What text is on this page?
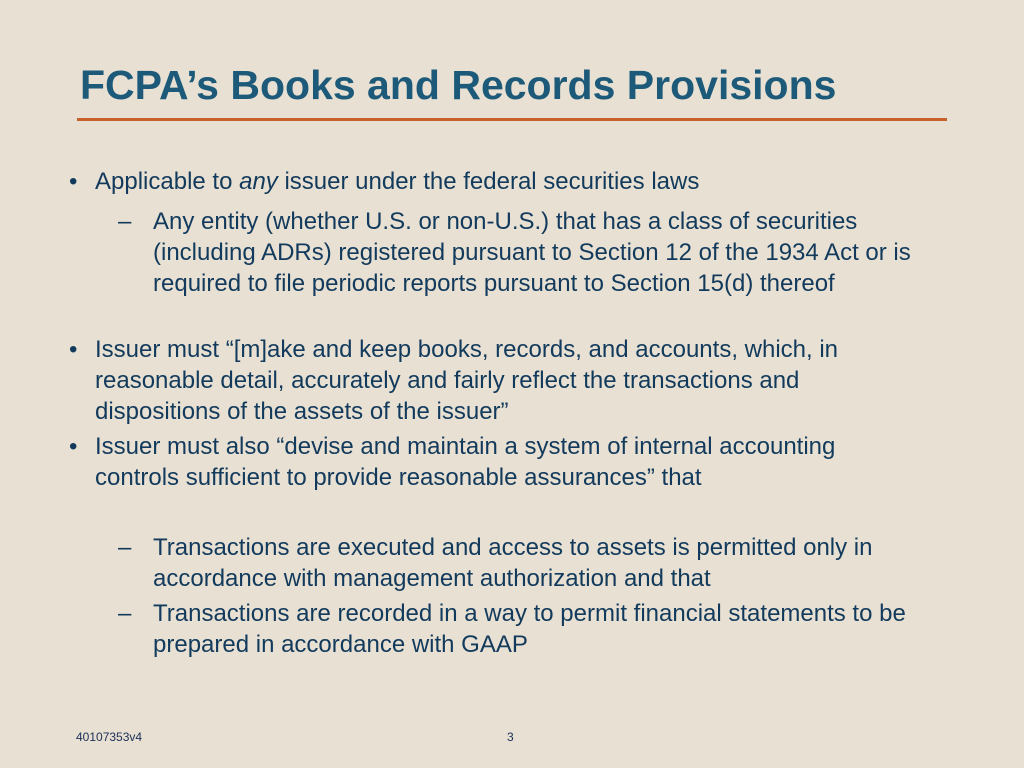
FCPA’s Books and Records Provisions
• Applicable to any issuer under the federal securities laws
– Any entity (whether U.S. or non-U.S.) that has a class of securities (including ADRs) registered pursuant to Section 12 of the 1934 Act or is required to file periodic reports pursuant to Section 15(d) thereof
• Issuer must “[m]ake and keep books, records, and accounts, which, in reasonable detail, accurately and fairly reflect the transactions and dispositions of the assets of the issuer”
• Issuer must also “devise and maintain a system of internal accounting controls sufficient to provide reasonable assurances” that
– Transactions are executed and access to assets is permitted only in accordance with management authorization and that
– Transactions are recorded in a way to permit financial statements to be prepared in accordance with GAAP
40107353v4	3
